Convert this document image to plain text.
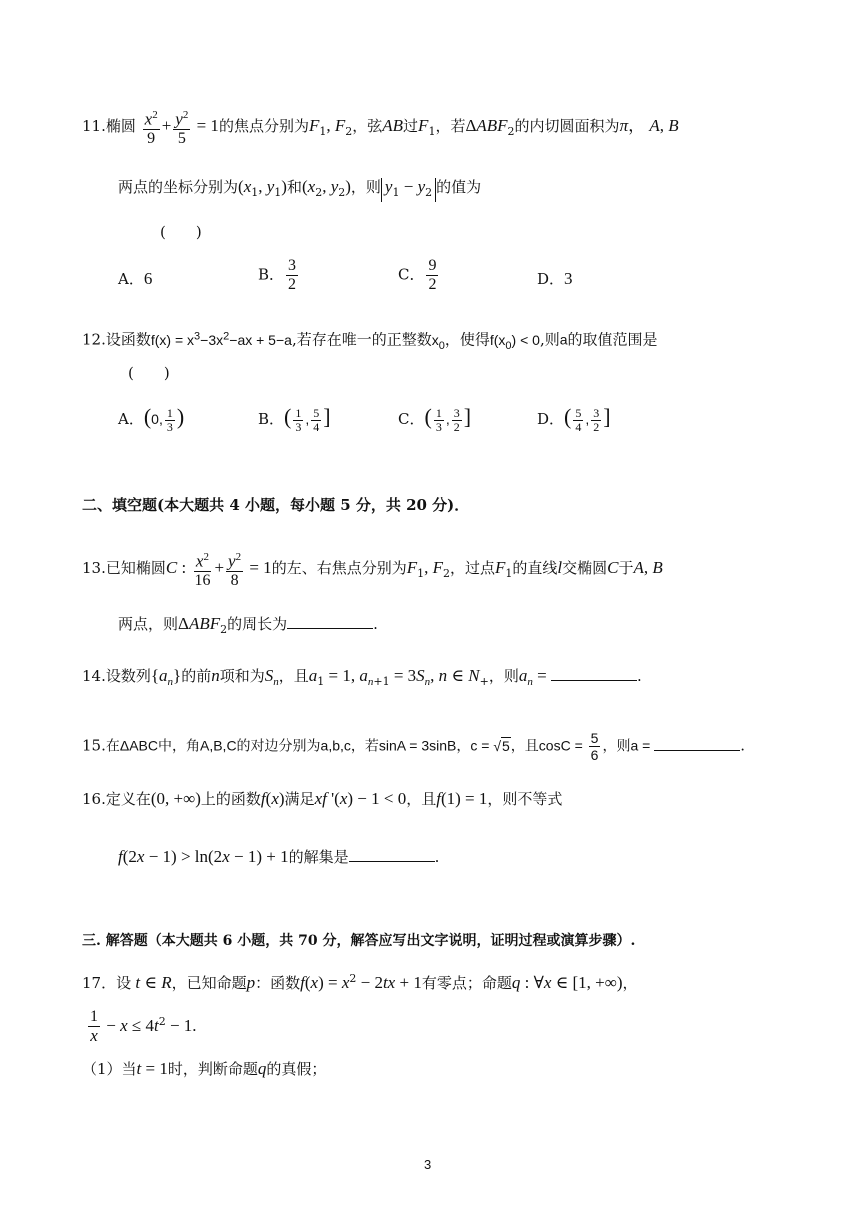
11.椭圆 $\frac{x^2}{9} + \frac{y^2}{5} = 1$的焦点分别为$F_1$, $F_2$，弦AB过$F_1$，若$\Delta ABF_2$的内切圆面积为π， A, B
两点的坐标分别为($x_1$, $y_1$)和($x_2$, $y_2$)，则 $y_1 - y_2$ 的值为
(　　)
A．6	B． $\frac{3}{2}$	C． $\frac{9}{2}$	D．3
12.设函数$f(x) = x^3-3x^2-ax + 5-a$,若存在唯一的正整数$x_0$，使得$f(x_0) < 0$,则a的取值范围是
(　　)
A．(0, $\frac{1}{3}$ )	B．( $\frac{1}{3}$ , $\frac{5}{4}$ ]	C．( $\frac{1}{3}$ , $\frac{3}{2}$ ]	D．( $\frac{5}{4}$ , $\frac{3}{2}$ ]
二、填空题(本大题共 4 小题，每小题 5 分，共 20 分)．
13.已知椭圆C : $\frac{x^2}{16} + \frac{y^2}{8} = 1$的左、右焦点分别为$F_1$, $F_2$，过点$F_1$的直线l交椭圆C于A, B
两点，则$\Delta ABF_2$的周长为	.
14.设数列$\{a_n\}$的前n项和为$S_n$，且$a_1 = 1$, $a_{n+1} = 3S_n$, n ∈ $N_+$，则$a_n$ =	.
15.在ΔABC中，角A,B,C的对边分别为a,b,c，若sinA = 3sinB，c = √5，且$\cos C = \frac{5}{6}$ ，则a =	.
16.定义在(0, +∞)上的函数f(x)满足xf '(x) − 1 < 0，且f(1) = 1，则不等式
f(2x − 1) > ln(2x − 1) + 1的解集是	.
三. 解答题（本大题共 6 小题，共 70 分，解答应写出文字说明，证明过程或演算步骤）.
17．设 t ∈ R，已知命题p：函数$f(x) = x^2 - 2tx + 1$有零点；命题q : ∀x ∈ [1, +∞)，
$\frac{1}{x} - x \le 4t^2 - 1$.
（1）当t = 1时，判断命题q的真假；
3
